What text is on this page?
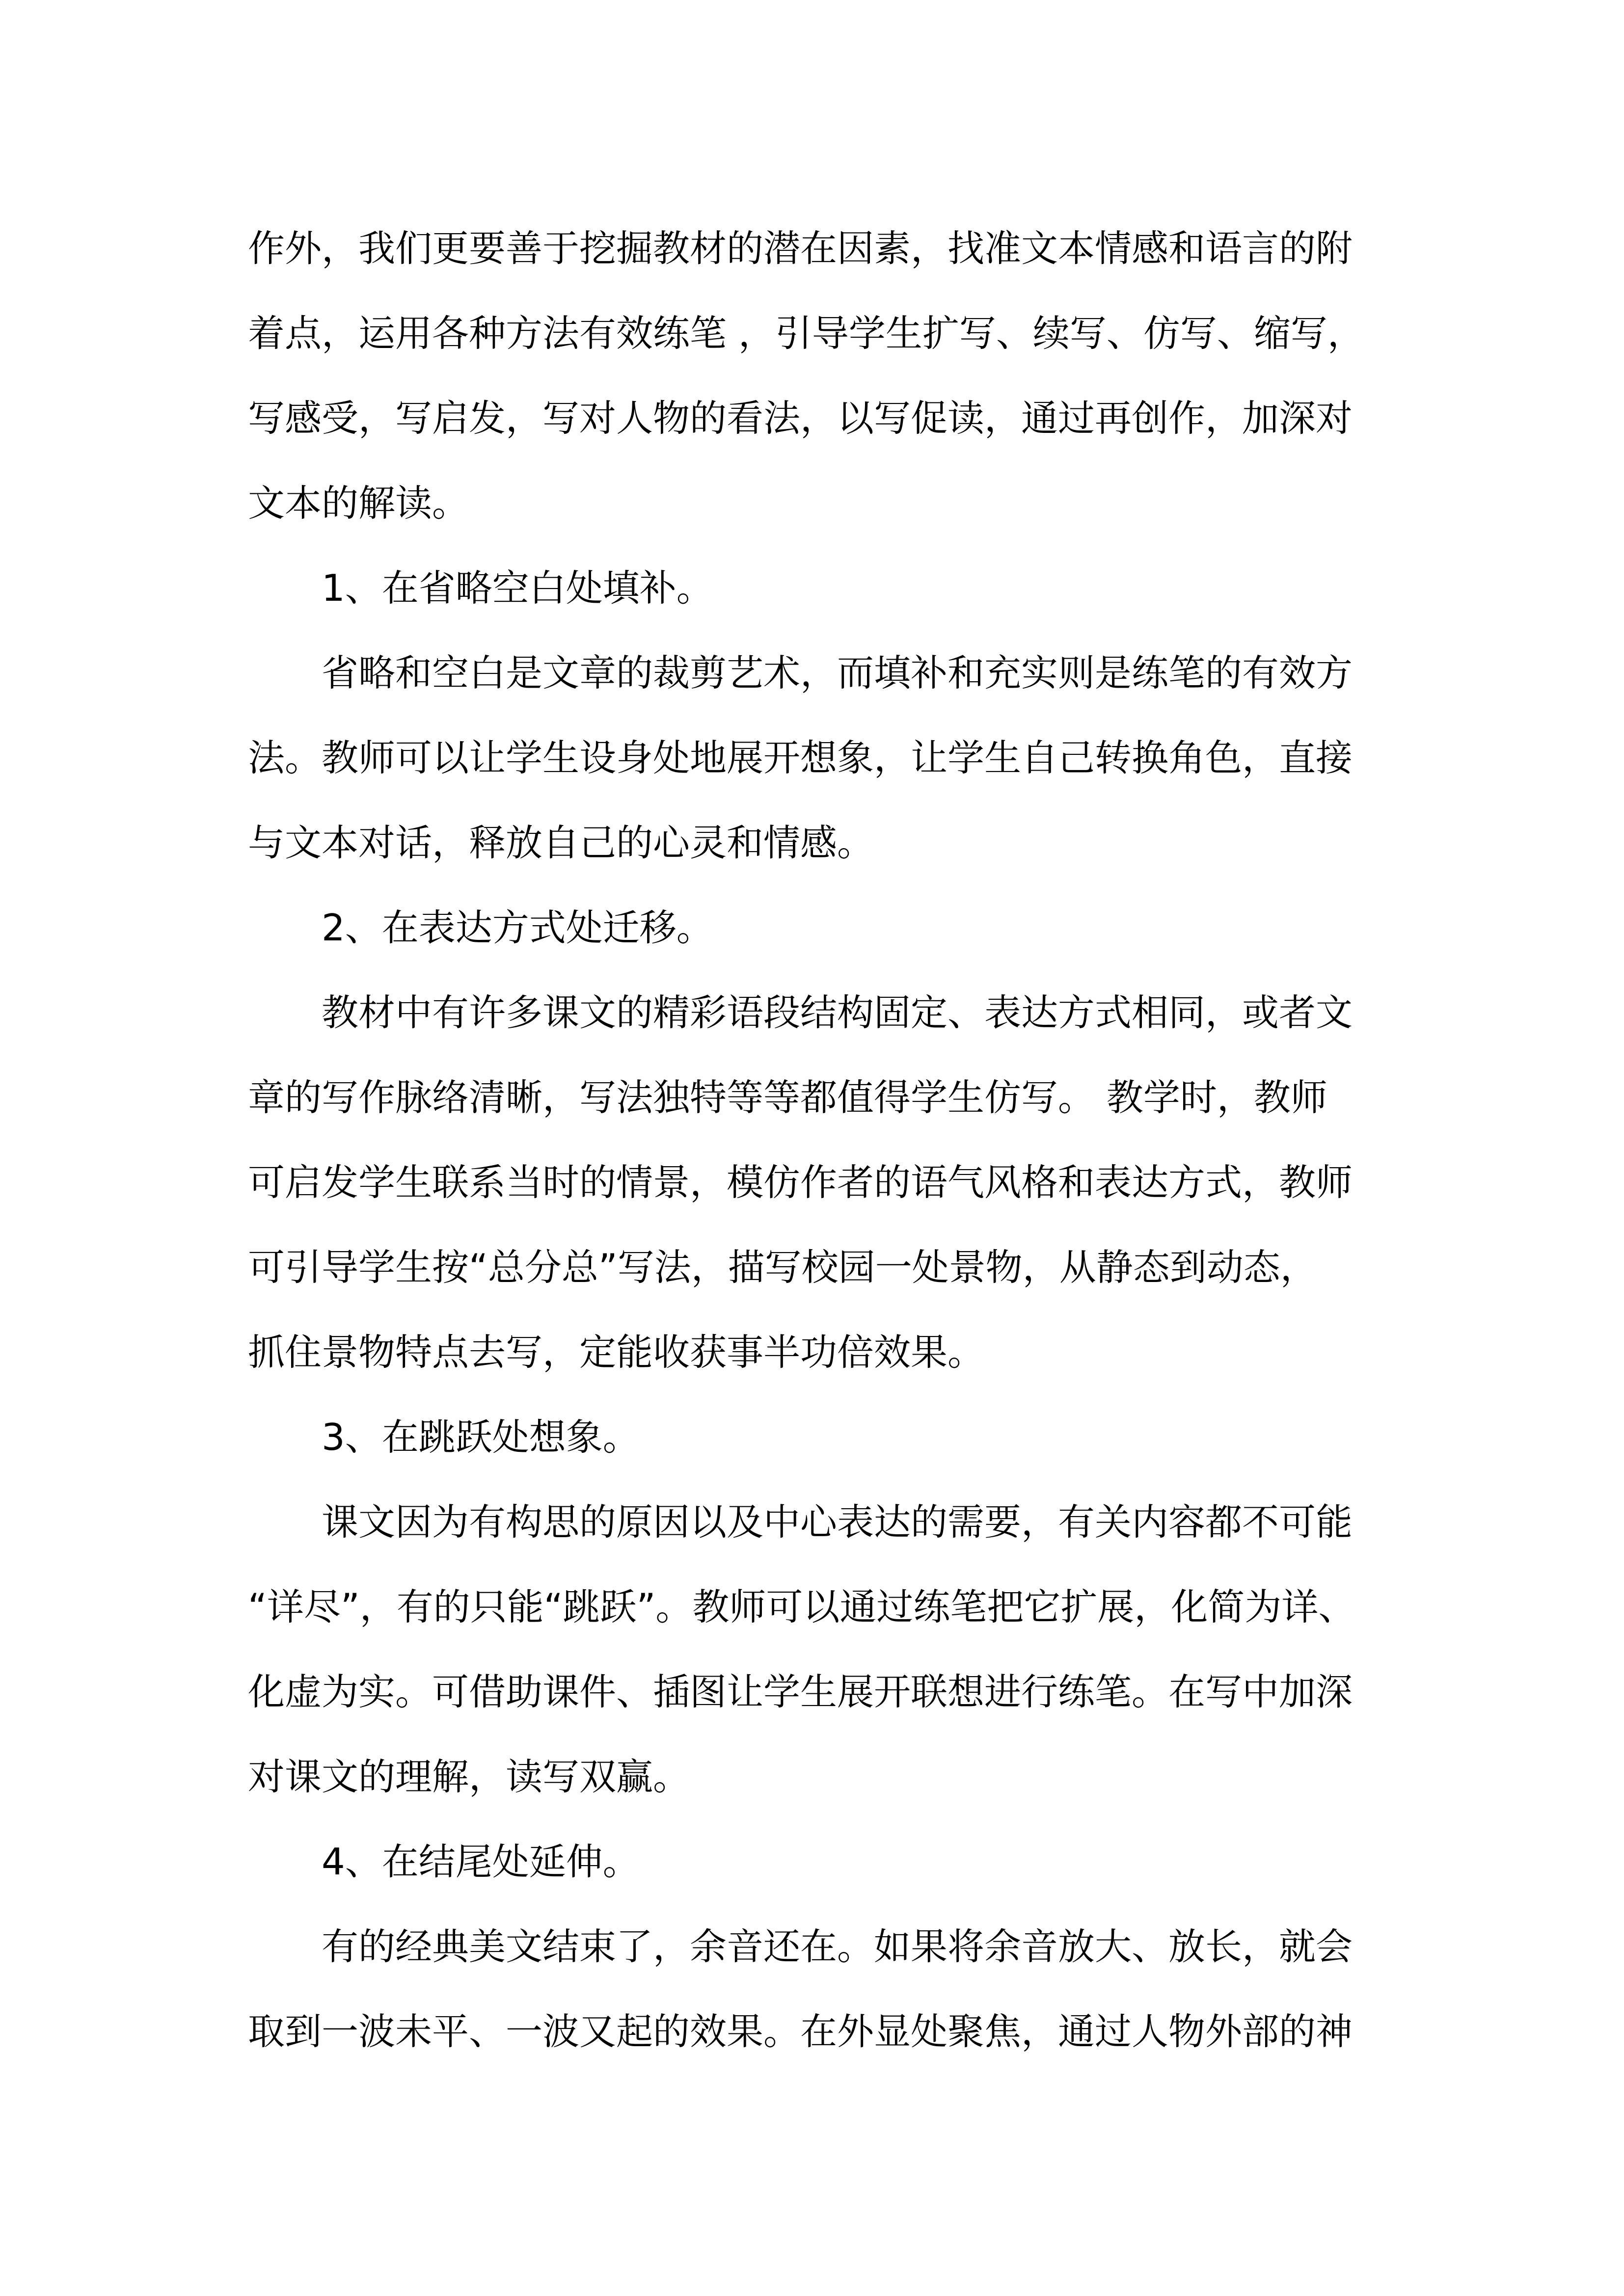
作外，我们更要善于挖掘教材的潜在因素，找准文本情感和语言的附
着点，运用各种方法有效练笔 ，引导学生扩写、续写、仿写、缩写，
写感受，写启发，写对人物的看法，以写促读，通过再创作，加深对
文本的解读。
1、在省略空白处填补。
省略和空白是文章的裁剪艺术，而填补和充实则是练笔的有效方
法。教师可以让学生设身处地展开想象，让学生自己转换角色，直接
与文本对话，释放自己的心灵和情感。
2、在表达方式处迁移。
教材中有许多课文的精彩语段结构固定、表达方式相同，或者文
章的写作脉络清晰，写法独特等等都值得学生仿写。 教学时，教师
可启发学生联系当时的情景，模仿作者的语气风格和表达方式，教师
可引导学生按“总分总”写法，描写校园一处景物，从静态到动态，
抓住景物特点去写，定能收获事半功倍效果。
3、在跳跃处想象。
课文因为有构思的原因以及中心表达的需要，有关内容都不可能
“详尽”，有的只能“跳跃”。教师可以通过练笔把它扩展，化简为详、
化虚为实。可借助课件、插图让学生展开联想进行练笔。在写中加深
对课文的理解，读写双赢。
4、在结尾处延伸。
有的经典美文结束了，余音还在。如果将余音放大、放长，就会
取到一波未平、一波又起的效果。在外显处聚焦，通过人物外部的神
